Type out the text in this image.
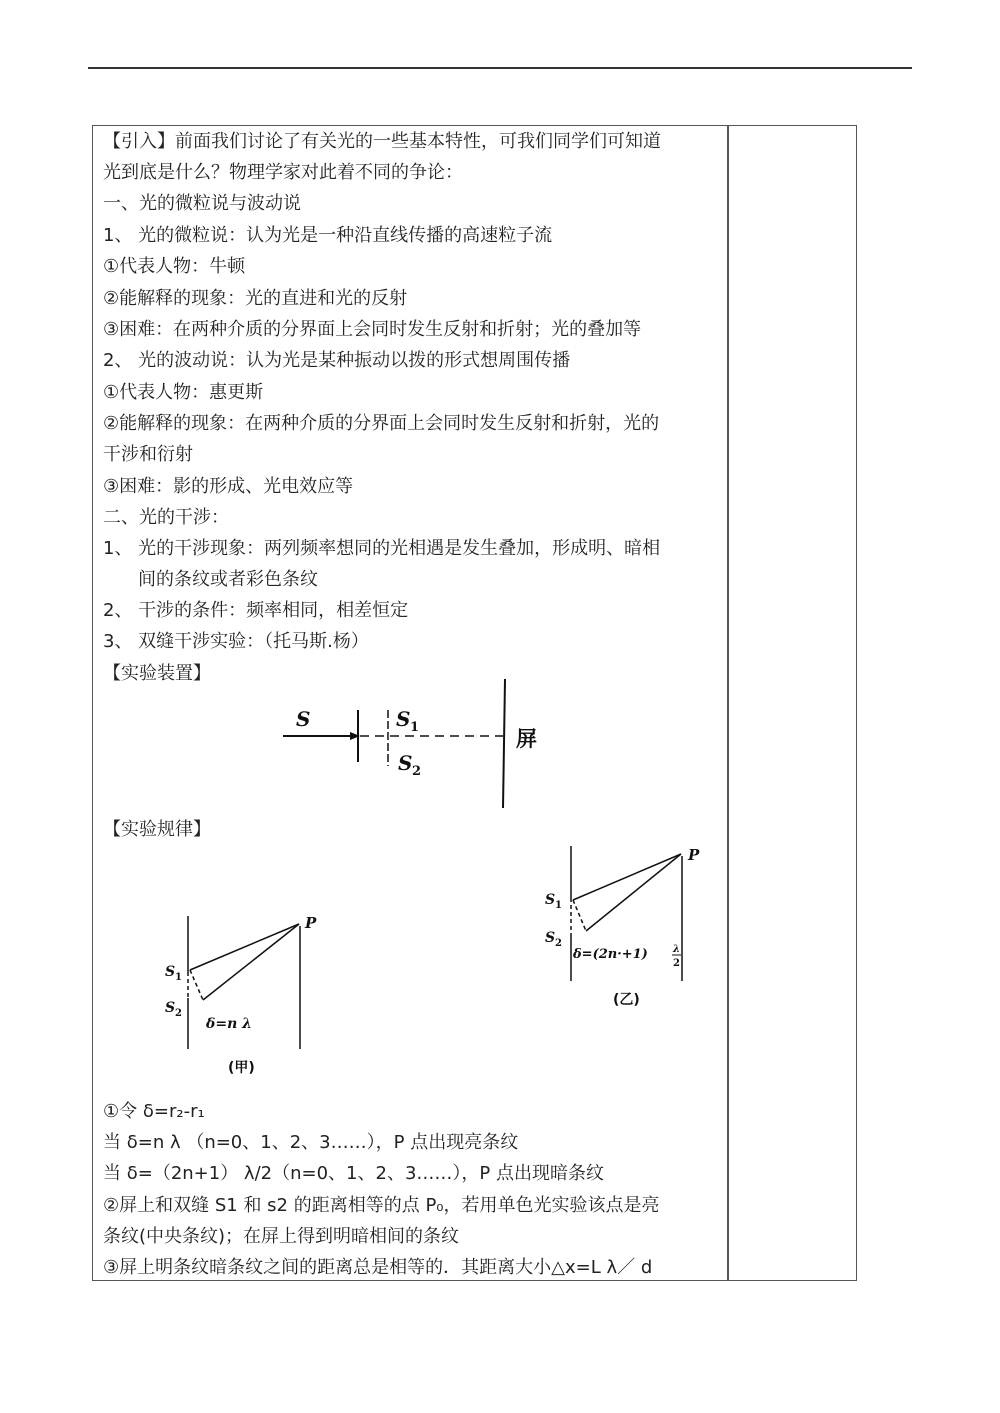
【引入】前面我们讨论了有关光的一些基本特性，可我们同学们可知道
光到底是什么？物理学家对此着不同的争论：
一、光的微粒说与波动说
1、 光的微粒说：认为光是一种沿直线传播的高速粒子流
①代表人物：牛顿
②能解释的现象：光的直进和光的反射
③困难：在两种介质的分界面上会同时发生反射和折射；光的叠加等
2、 光的波动说：认为光是某种振动以拨的形式想周围传播
①代表人物：惠更斯
②能解释的现象：在两种介质的分界面上会同时发生反射和折射，光的
干涉和衍射
③困难：影的形成、光电效应等
二、光的干涉：
1、 光的干涉现象：两列频率想同的光相遇是发生叠加，形成明、暗相
间的条纹或者彩色条纹
2、 干涉的条件：频率相同，相差恒定
3、 双缝干涉实验：（托马斯.杨）
【实验装置】
S	S 1
S 2
屏
【实验规律】
P
S 1
S 2
δ=n λ
(甲)
P
S 1
S 2
δ=(2n·+1)	λ
2
(乙)
①令 δ=r₂-r₁
当 δ=n λ （n=0、1、2、3……），P 点出现亮条纹
当 δ=（2n+1） λ/2（n=0、1、2、3……），P 点出现暗条纹
②屏上和双缝 S1 和 s2 的距离相等的点 P₀，若用单色光实验该点是亮
条纹(中央条纹)；在屏上得到明暗相间的条纹
③屏上明条纹暗条纹之间的距离总是相等的．其距离大小△x=L λ／ d
